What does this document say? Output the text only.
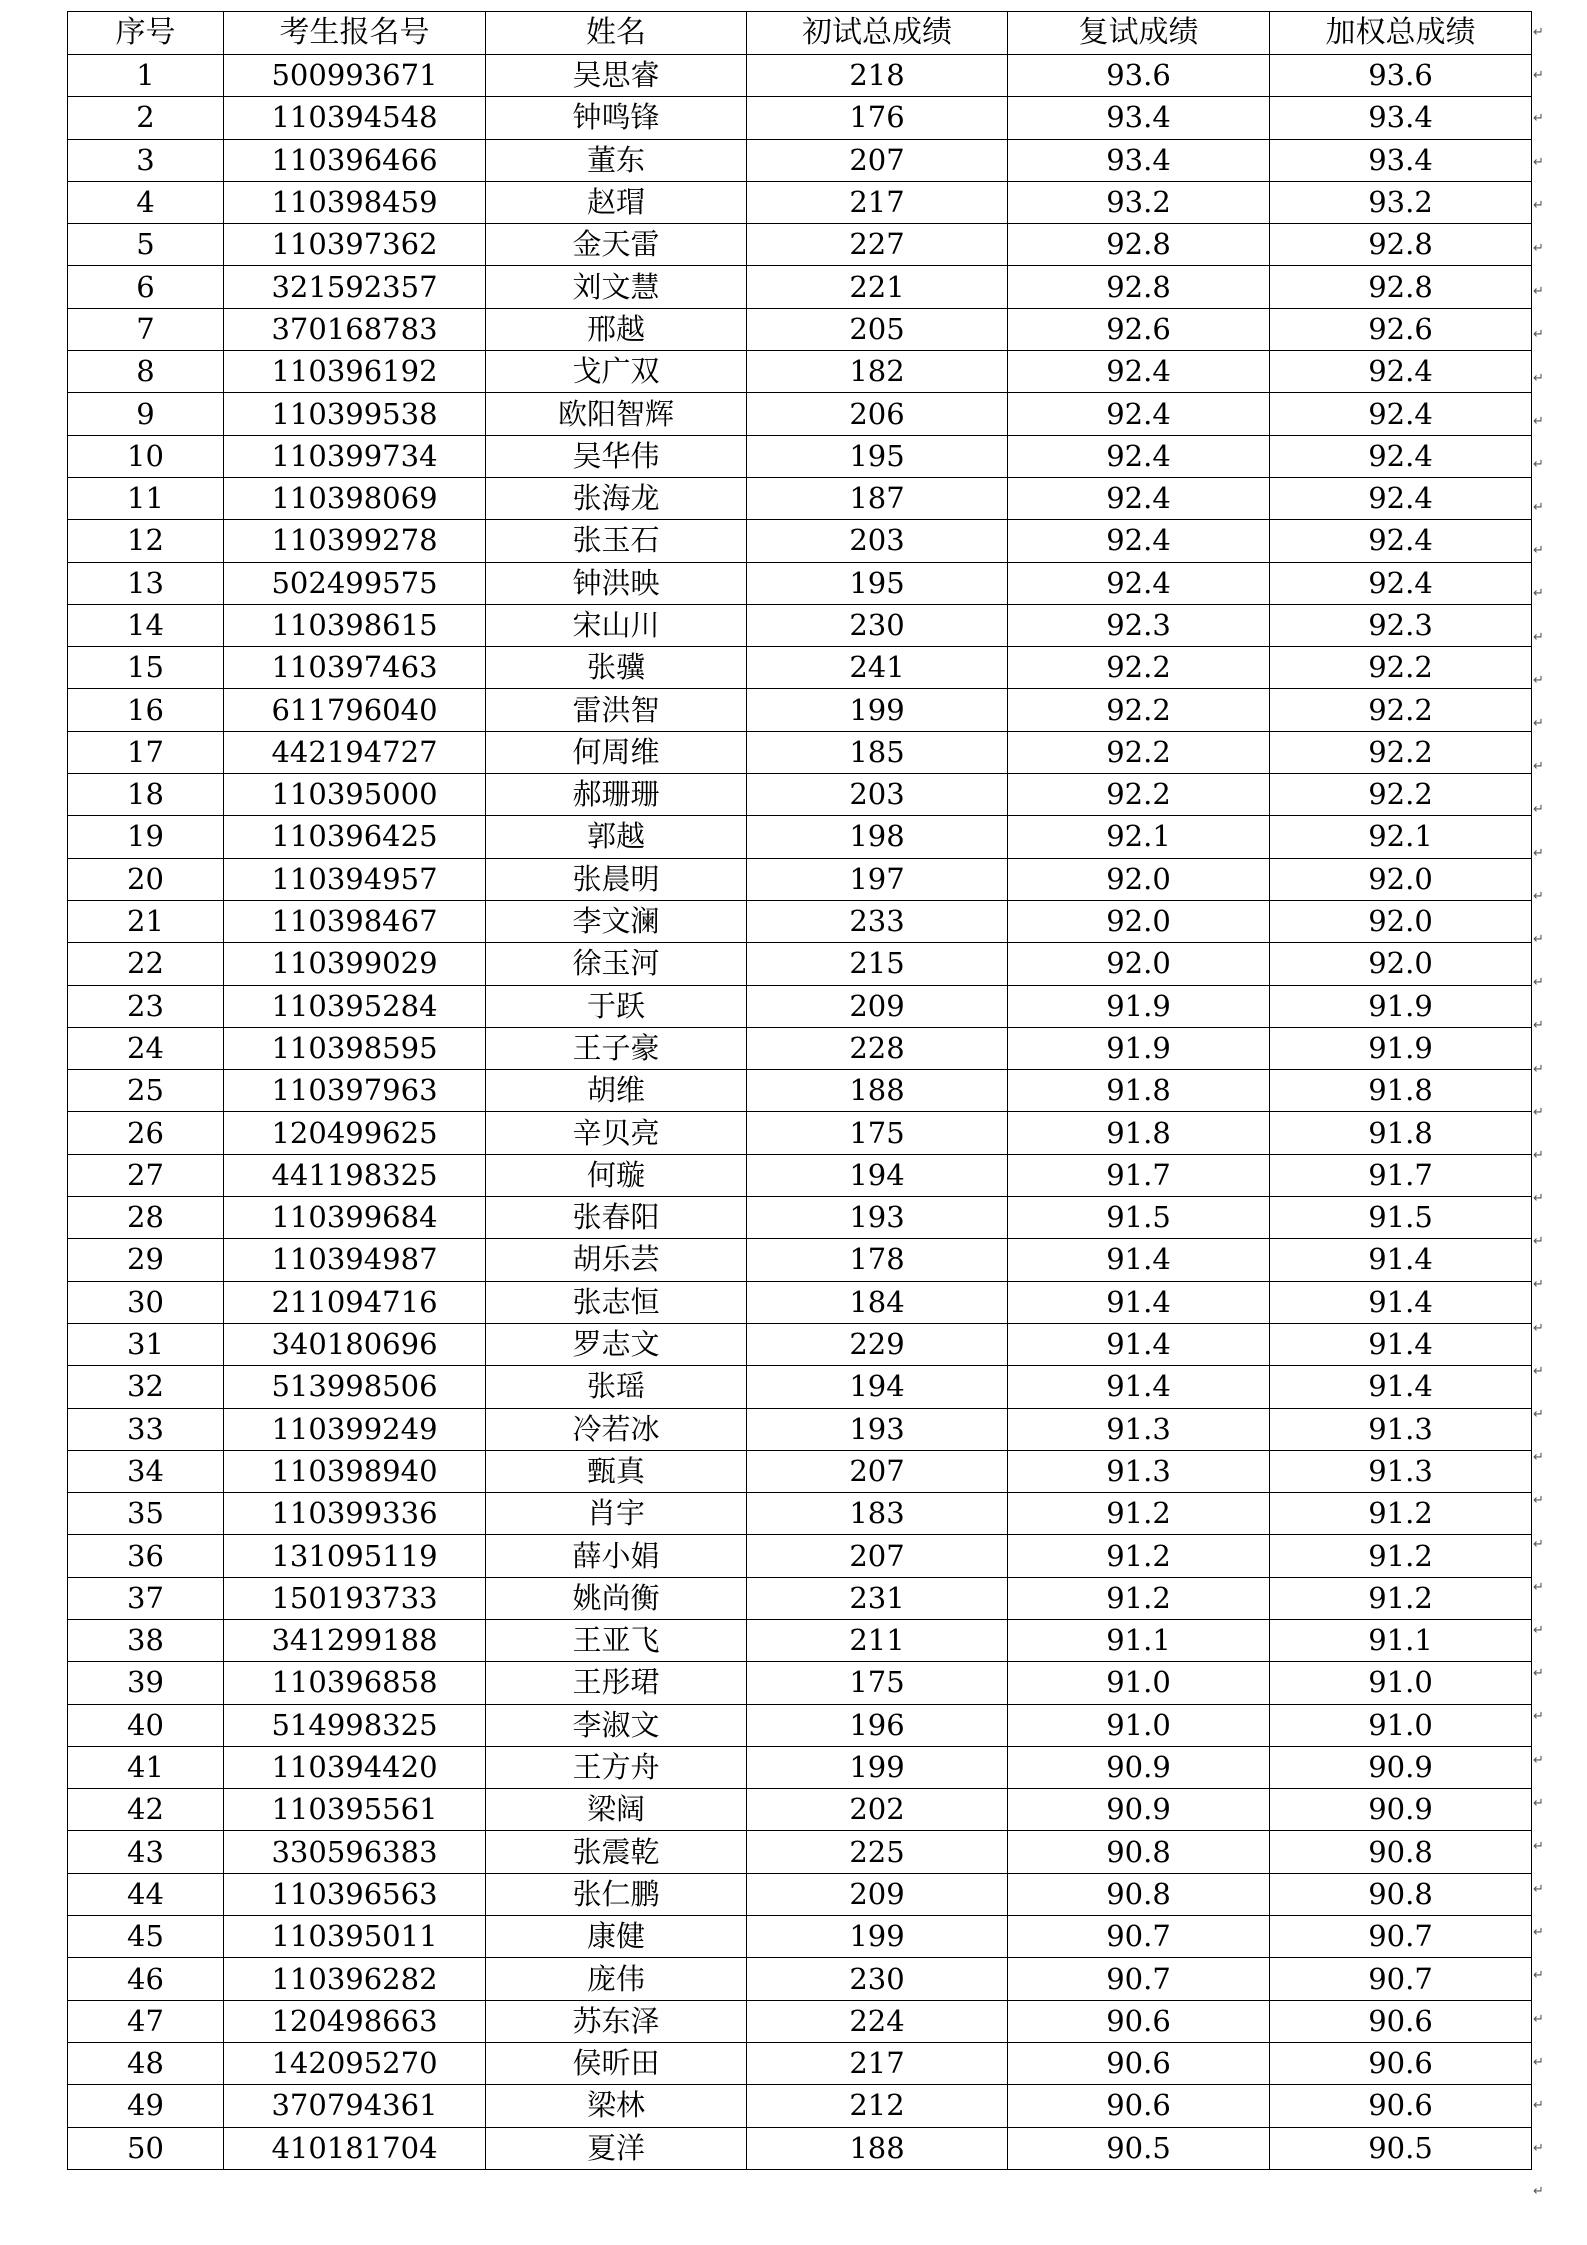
序号	考生报名号	姓名	初试总成绩	复试成绩	加权总成绩
1	500993671	吴思睿	218	93.6	93.6
2	110394548	钟鸣锋	176	93.4	93.4
3	110396466	董东	207	93.4	93.4
4	110398459	赵瑁	217	93.2	93.2
5	110397362	金天雷	227	92.8	92.8
6	321592357	刘文慧	221	92.8	92.8
7	370168783	邢越	205	92.6	92.6
8	110396192	戈广双	182	92.4	92.4
9	110399538	欧阳智辉	206	92.4	92.4
10	110399734	吴华伟	195	92.4	92.4
11	110398069	张海龙	187	92.4	92.4
12	110399278	张玉石	203	92.4	92.4
13	502499575	钟洪映	195	92.4	92.4
14	110398615	宋山川	230	92.3	92.3
15	110397463	张骥	241	92.2	92.2
16	611796040	雷洪智	199	92.2	92.2
17	442194727	何周维	185	92.2	92.2
18	110395000	郝珊珊	203	92.2	92.2
19	110396425	郭越	198	92.1	92.1
20	110394957	张晨明	197	92.0	92.0
21	110398467	李文澜	233	92.0	92.0
22	110399029	徐玉河	215	92.0	92.0
23	110395284	于跃	209	91.9	91.9
24	110398595	王子豪	228	91.9	91.9
25	110397963	胡维	188	91.8	91.8
26	120499625	辛贝亮	175	91.8	91.8
27	441198325	何璇	194	91.7	91.7
28	110399684	张春阳	193	91.5	91.5
29	110394987	胡乐芸	178	91.4	91.4
30	211094716	张志恒	184	91.4	91.4
31	340180696	罗志文	229	91.4	91.4
32	513998506	张瑶	194	91.4	91.4
33	110399249	冷若冰	193	91.3	91.3
34	110398940	甄真	207	91.3	91.3
35	110399336	肖宇	183	91.2	91.2
36	131095119	薛小娟	207	91.2	91.2
37	150193733	姚尚衡	231	91.2	91.2
38	341299188	王亚飞	211	91.1	91.1
39	110396858	王彤珺	175	91.0	91.0
40	514998325	李淑文	196	91.0	91.0
41	110394420	王方舟	199	90.9	90.9
42	110395561	梁阔	202	90.9	90.9
43	330596383	张震乾	225	90.8	90.8
44	110396563	张仁鹏	209	90.8	90.8
45	110395011	康健	199	90.7	90.7
46	110396282	庞伟	230	90.7	90.7
47	120498663	苏东泽	224	90.6	90.6
48	142095270	侯昕田	217	90.6	90.6
49	370794361	梁林	212	90.6	90.6
50	410181704	夏洋	188	90.5	90.5
↵
↵
↵
↵
↵
↵
↵
↵
↵
↵
↵
↵
↵
↵
↵
↵
↵
↵
↵
↵
↵
↵
↵
↵
↵
↵
↵
↵
↵
↵
↵
↵
↵
↵
↵
↵
↵
↵
↵
↵
↵
↵
↵
↵
↵
↵
↵
↵
↵
↵
↵
